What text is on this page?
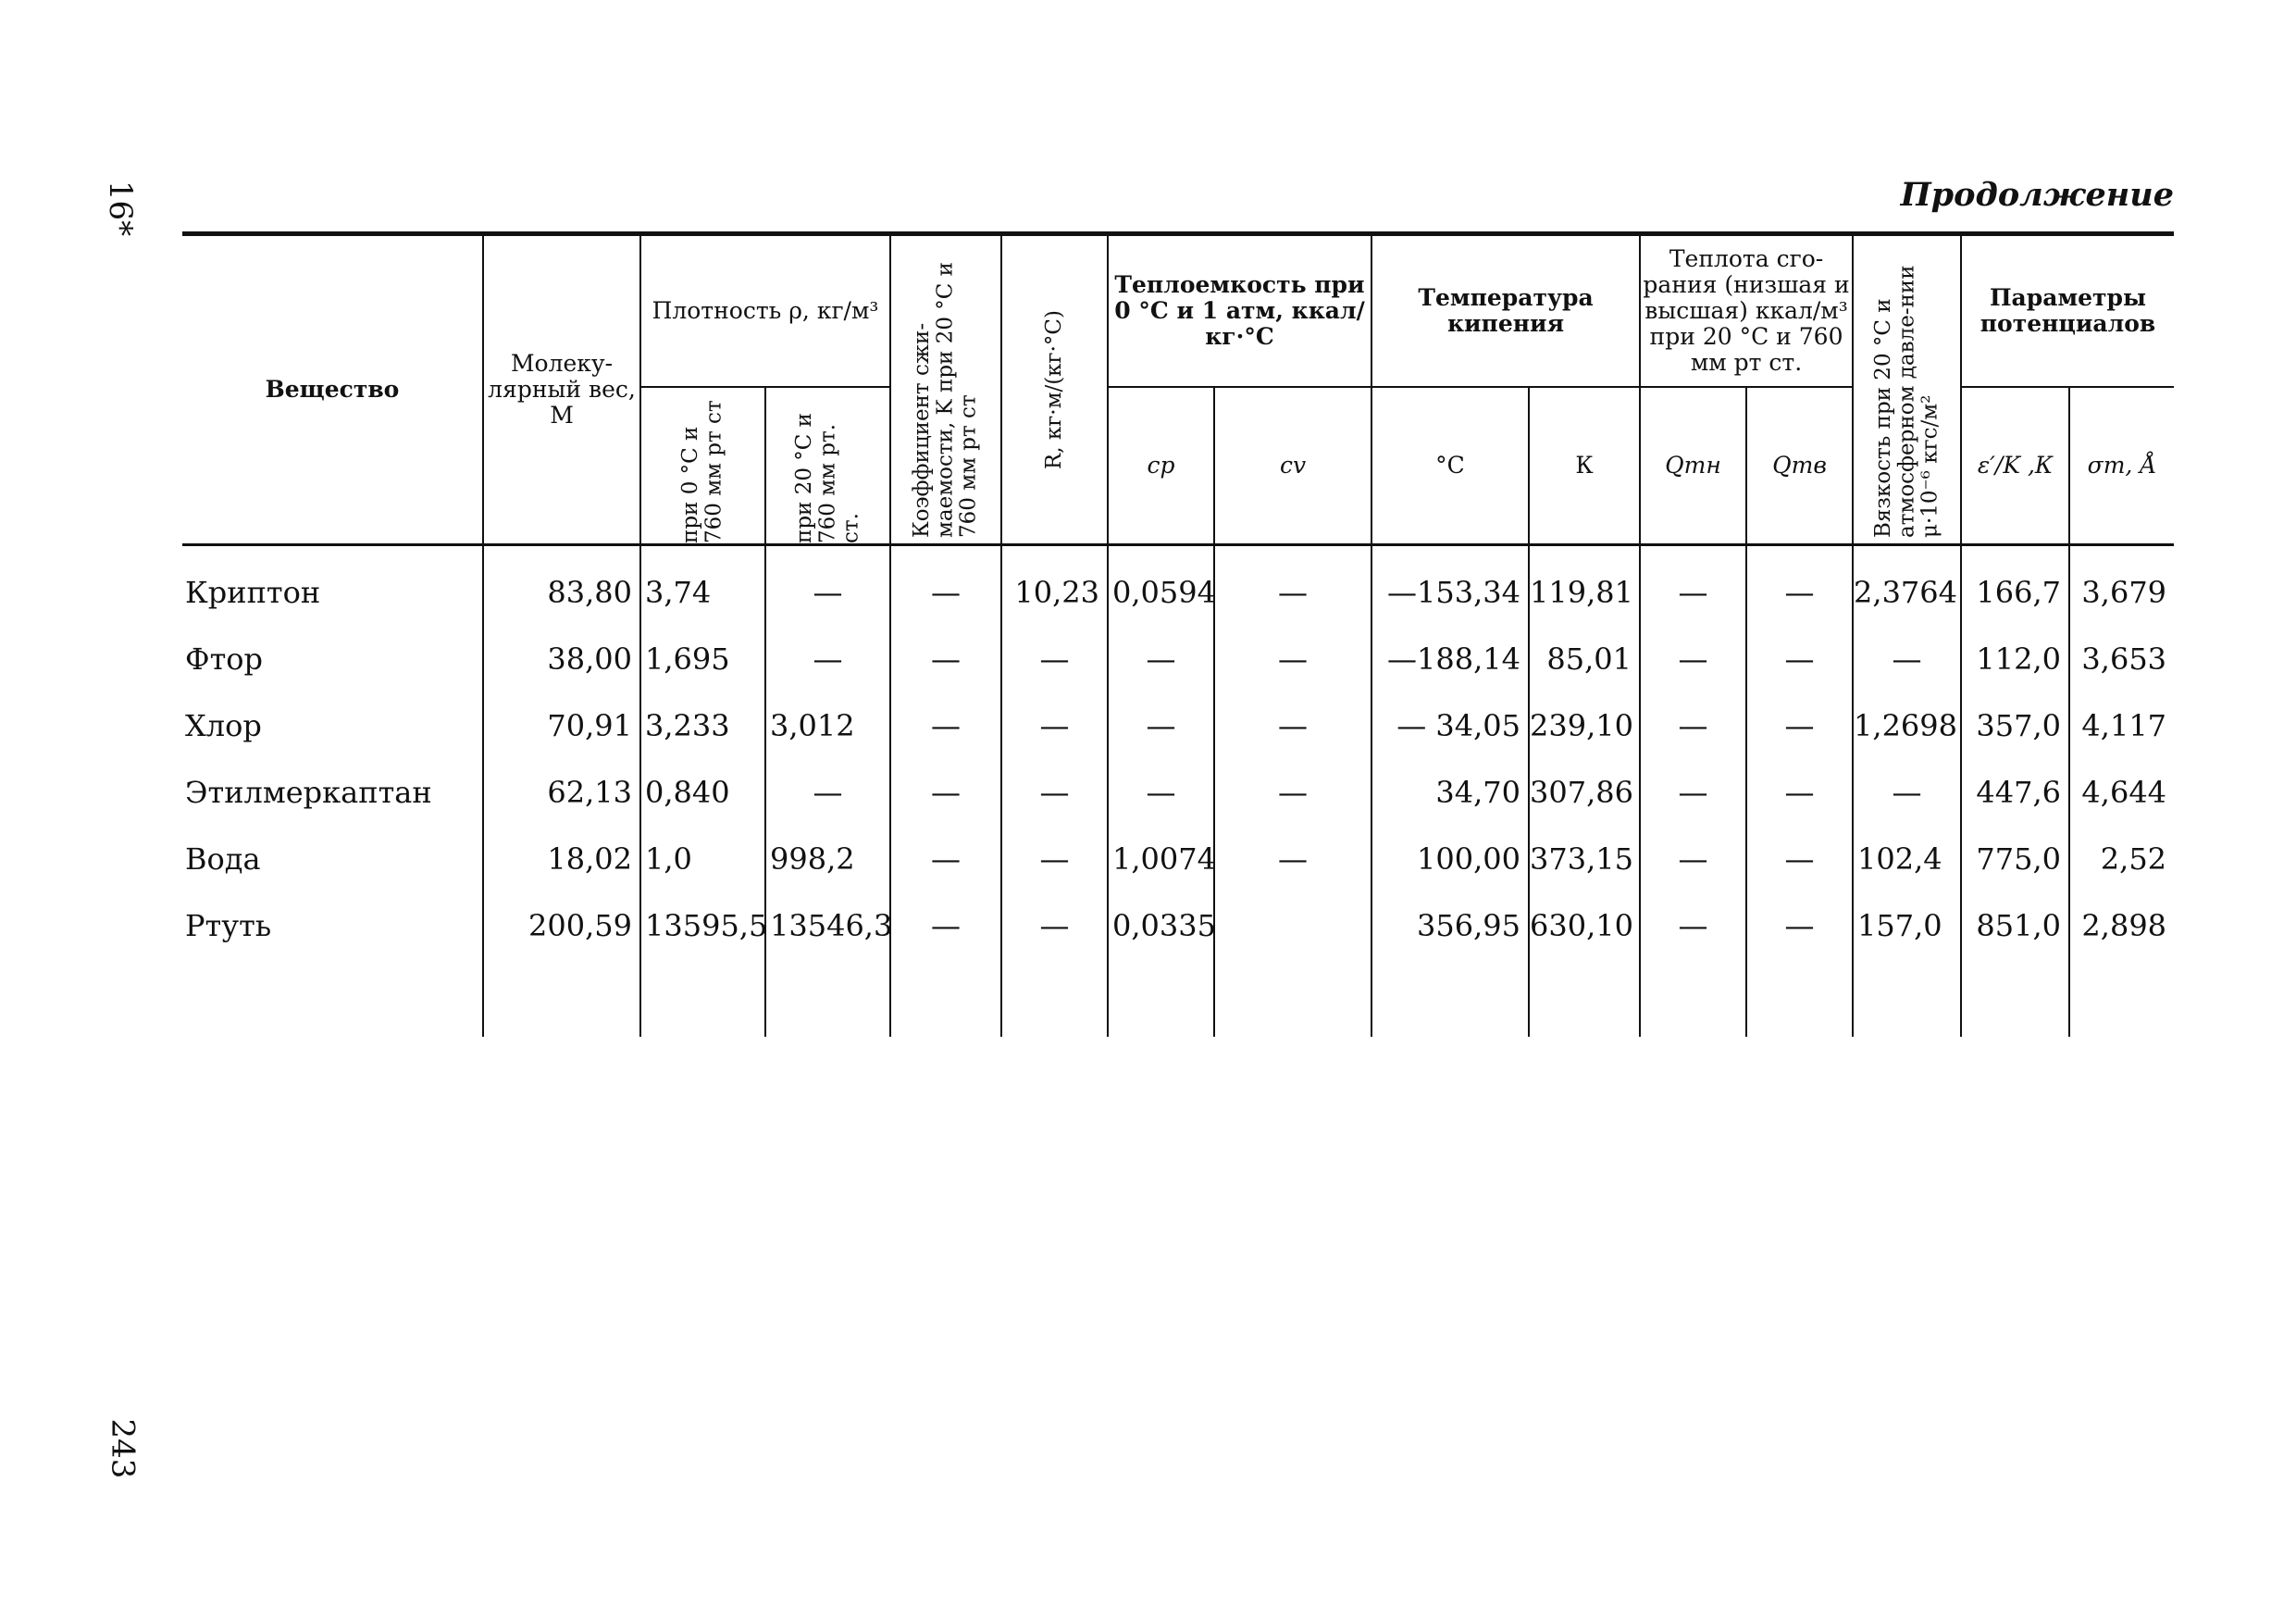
16*
243
Продолжение
Вещество	Молеку-лярный вес, M	Плотность ρ, кг/м³		Коэффициент сжи-маемости, K при 20 °C и 760 мм рт ст	R, кг·м/(кг·°C)	Теплоемкость при 0 °C и 1 атм, ккал/кг·°C		Температура кипения		Теплота сго-рания (низшая и высшая) ккал/м³ при 20 °C и 760 мм рт ст.		Вязкость при 20 °C и атмосферном давле-нии μ·10⁻⁶ кгс/м²	Параметры потенциалов	

		при 0 °C и 760 мм рт ст	при 20 °C и 760 мм рт. ст.			cp	cv	°C	К	Qтн	Qтв		ε′/K ,К	σm, Å
Криптон	83,80	3,74	—	—	10,23	0,0594	—	—153,34	119,81	—	—	2,3764	166,7	3,679
Фтор	38,00	1,695	—	—	—	—	—	—188,14	85,01	—	—	—	112,0	3,653
Хлор	70,91	3,233	3,012	—	—	—	—	— 34,05	239,10	—	—	1,2698	357,0	4,117
Этилмеркаптан	62,13	0,840	—	—	—	—	—	34,70	307,86	—	—	—	447,6	4,644
Вода	18,02	1,0	998,2	—	—	1,0074	—	100,00	373,15	—	—	102,4	775,0	2,52
Ртуть	200,59	13595,5	13546,3	—	—	0,0335		356,95	630,10	—	—	157,0	851,0	2,898
